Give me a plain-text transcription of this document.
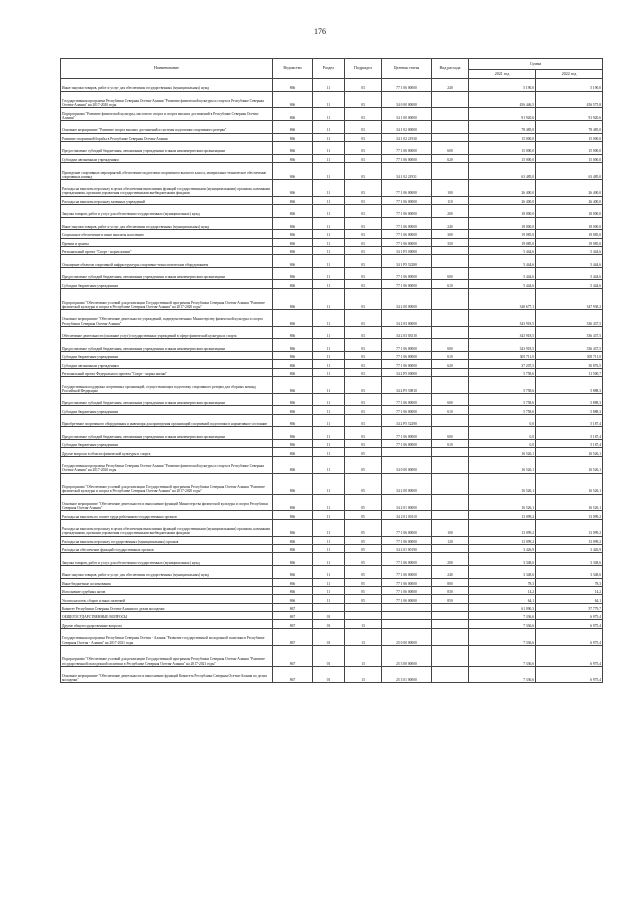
176
Наименование	Ведомство	Раздел	Подраздел	Целевая статья	Вид расхода	Сумма	
						2021 год	2022 год
Иные закупки товаров, работ и услуг для обеспечения государственных (муниципальных) нужд	866	11	03	77 1 06 00000	240	5 190,0	5 190,0
Государственная программа Республики Северная Осетия-Алания "Развитие физической культуры и спорта в Республике Северная Осетия-Алания" на 2017-2020 годы	866	11	03	34 0 00 00000		456 446,5	456 575,8
Подпрограмма "Развитие физической культуры, массового спорта и спорта высших достижений в Республике Северная Осетия-Алания"	866	11	03	34 1 00 00000		91 920,6	91 920,6
Основное мероприятие "Развитие спорта высших достижений и системы подготовки спортивного резерва"	866	11	03	34 1 02 00000		78 485,0	78 485,0
Развитие спортивной борьбы в Республике Северная Осетия-Алания	866	11	03	34 1 02 21930		15 000,0	15 000,0
Предоставление субсидий бюджетным, автономным учреждениям и иным некоммерческим организациям	866	11	03	77 1 06 00000	600	15 000,0	15 000,0
Субсидии автономным учреждениям	866	11	03	77 1 06 00000	620	15 000,0	15 000,0
Проведение спортивных мероприятий, обеспечение подготовки спортивного высшего класса, материально-техническое обеспечение спортивных команд	866	11	03	34 1 02 21931		63 485,0	63 485,0
Расходы на выплаты персоналу в целях обеспечения выполнения функций государственными (муниципальными) органами, казенными учреждениями, органами управления государственными внебюджетными фондами	866	11	03	77 1 06 00000	100	26 400,0	26 400,0
Расходы на выплаты персоналу казенных учреждений	866	11	03	77 1 06 00000	110	26 400,0	26 400,0
Закупка товаров, работ и услуг для обеспечения государственных (муниципальных) нужд	866	11	03	77 1 06 00000	200	18 000,0	18 000,0
Иные закупки товаров, работ и услуг для обеспечения государственных (муниципальных) нужд	866	11	03	77 1 06 00000	240	18 000,0	18 000,0
Социальное обеспечение и иные выплаты населению	866	11	03	77 1 06 00000	300	19 085,0	19 085,0
Премии и гранты	866	11	03	77 1 06 00000	350	19 085,0	19 085,0
Региональный проект "Спорт - норма жизни"	866	11	03	34 1 P5 00000		5 444,6	5 444,6
Оснащение объектов спортивной инфраструктуры спортивно-технологическим оборудованием	866	11	03	34 1 P5 52280		5 444,6	5 444,6
Предоставление субсидий бюджетным, автономным учреждениям и иным некоммерческим организациям	866	11	03	77 1 06 00000	600	5 444,6	5 444,6
Субсидии бюджетным учреждениям	866	11	03	77 1 06 00000	610	5 444,6	5 444,6
Подпрограмма "Обеспечение условий для реализации Государственной программы Республики Северная Осетия-Алания "Развитие физической культуры и спорта в Республике Северная Осетия-Алания" на 2017-2020 годы"	866	11	03	34 2 00 00000		348 677,1	347 938,2
Основное мероприятие "Обеспечение деятельности учреждений, подведомственных Министерству физической культуры и спорта Республики Северная Осетия-Алания"	866	11	03	34 2 03 00000		343 918,5	336 437,5
Обеспечение деятельности (оказание услуг) государственных учреждений в сфере физической культуры и спорта	866	11	03	34 2 03 03510		343 918,5	336 437,5
Предоставление субсидий бюджетным, автономным учреждениям и иным некоммерческим организациям	866	11	03	77 1 06 00000	600	343 918,5	336 437,5
Субсидии бюджетным учреждениям	866	11	03	77 1 06 00000	610	305 711,0	305 711,0
Субсидии автономным учреждениям	866	11	03	77 1 06 00000	620	37 207,5	30 876,5
Региональный проект Федерального проекта "Спорт - норма жизни"	866	11	03	34 2 P5 00000		5 758,6	11 500,7
Государственная поддержка спортивных организаций, осуществляющих подготовку спортивного резерва для сборных команд Российской Федерации	866	11	03	34 2 P5 50810		5 758,6	5 888,3
Предоставление субсидий бюджетным, автономным учреждениям и иным некоммерческим организациям	866	11	03	77 1 06 00000	600	5 758,6	5 888,3
Субсидии бюджетным учреждениям	866	11	03	77 1 06 00000	610	5 758,6	5 888,3
Приобретение спортивного оборудования и инвентаря для приведения организаций спортивной подготовки в нормативное состояние	866	11	03	34 2 P5 52290		0,0	5 187,4
Предоставление субсидий бюджетным, автономным учреждениям и иным некоммерческим организациям	866	11	03	77 1 06 00000	600	0,0	5 187,4
Субсидии бюджетным учреждениям	866	11	03	77 1 06 00000	610	0,0	5 187,4
Другие вопросы в области физической культуры и спорта	866	11	05			16 526,1	16 526,1
Государственная программа Республики Северная Осетия-Алания "Развитие физической культуры и спорта в Республике Северная Осетия-Алания" на 2017-2020 годы	866	11	05	34 0 00 00000		16 526,1	16 526,1
Подпрограмма "Обеспечение условий для реализации Государственной программы Республики Северная Осетия-Алания "Развитие физической культуры и спорта в Республике Северная Осетия-Алания" на 2017-2020 годы"	866	11	05	34 2 00 00000		16 526,1	16 526,1
Основное мероприятие "Обеспечение деятельности и выполнение функций Министерства физической культуры и спорта Республики Северная Осетия-Алания"	866	11	05	34 2 01 00000		16 526,1	16 526,1
Расходы на выплаты по оплате труда работников государственных органов	866	11	05	34 2 01 00110		13 099,2	13 099,2
Расходы на выплаты персоналу в целях обеспечения выполнения функций государственными (муниципальными) органами, казенными учреждениями, органами управления государственными внебюджетными фондами	866	11	05	77 1 06 00000	100	13 099,2	13 099,2
Расходы на выплаты персоналу государственных (муниципальных) органов	866	11	05	77 1 06 00000	120	13 099,2	13 099,2
Расходы на обеспечение функций государственных органов	866	11	05	34 2 01 00190		3 426,9	3 426,9
Закупка товаров, работ и услуг для обеспечения государственных (муниципальных) нужд	866	11	05	77 1 06 00000	200	3 348,6	3 348,6
Иные закупки товаров, работ и услуг для обеспечения государственных (муниципальных) нужд	866	11	05	77 1 06 00000	240	3 348,6	3 348,6
Иные бюджетные ассигнования	866	11	05	77 1 06 00000	800	78,3	78,3
Исполнение судебных актов	866	11	05	77 1 06 00000	830	14,2	14,2
Уплата налогов, сборов и иных платежей	866	11	05	77 1 06 00000	850	64,1	64,1
Комитет Республики Северная Осетия-Алания по делам молодежи	867					61 090,3	57 779,7
ОБЩЕГОСУДАРСТВЕННЫЕ ВОПРОСЫ	867	01				7 336,6	6 975,4
Другие общегосударственные вопросы	867	01	13			7 336,6	6 975,4
Государственная программа Республики Северная Осетия - Алания "Развитие государственной молодежной политики в Республике Северная Осетия - Алания" на 2017-2021 годы	867	01	13	25 0 00 00000		7 336,6	6 975,4
Подпрограмма "Обеспечение условий для реализации Государственной программы Республики Северная Осетия-Алания "Развитие государственной молодежной политики в Республике Северная Осетия-Алания" на 2017-2021 годы"	867	01	13	25 3 00 00000		7 336,6	6 975,4
Основное мероприятие "Обеспечение деятельности и выполнение функций Комитета Республики Северная Осетия-Алания по делам молодежи"	867	01	13	25 3 01 00000		7 336,6	6 975,4
